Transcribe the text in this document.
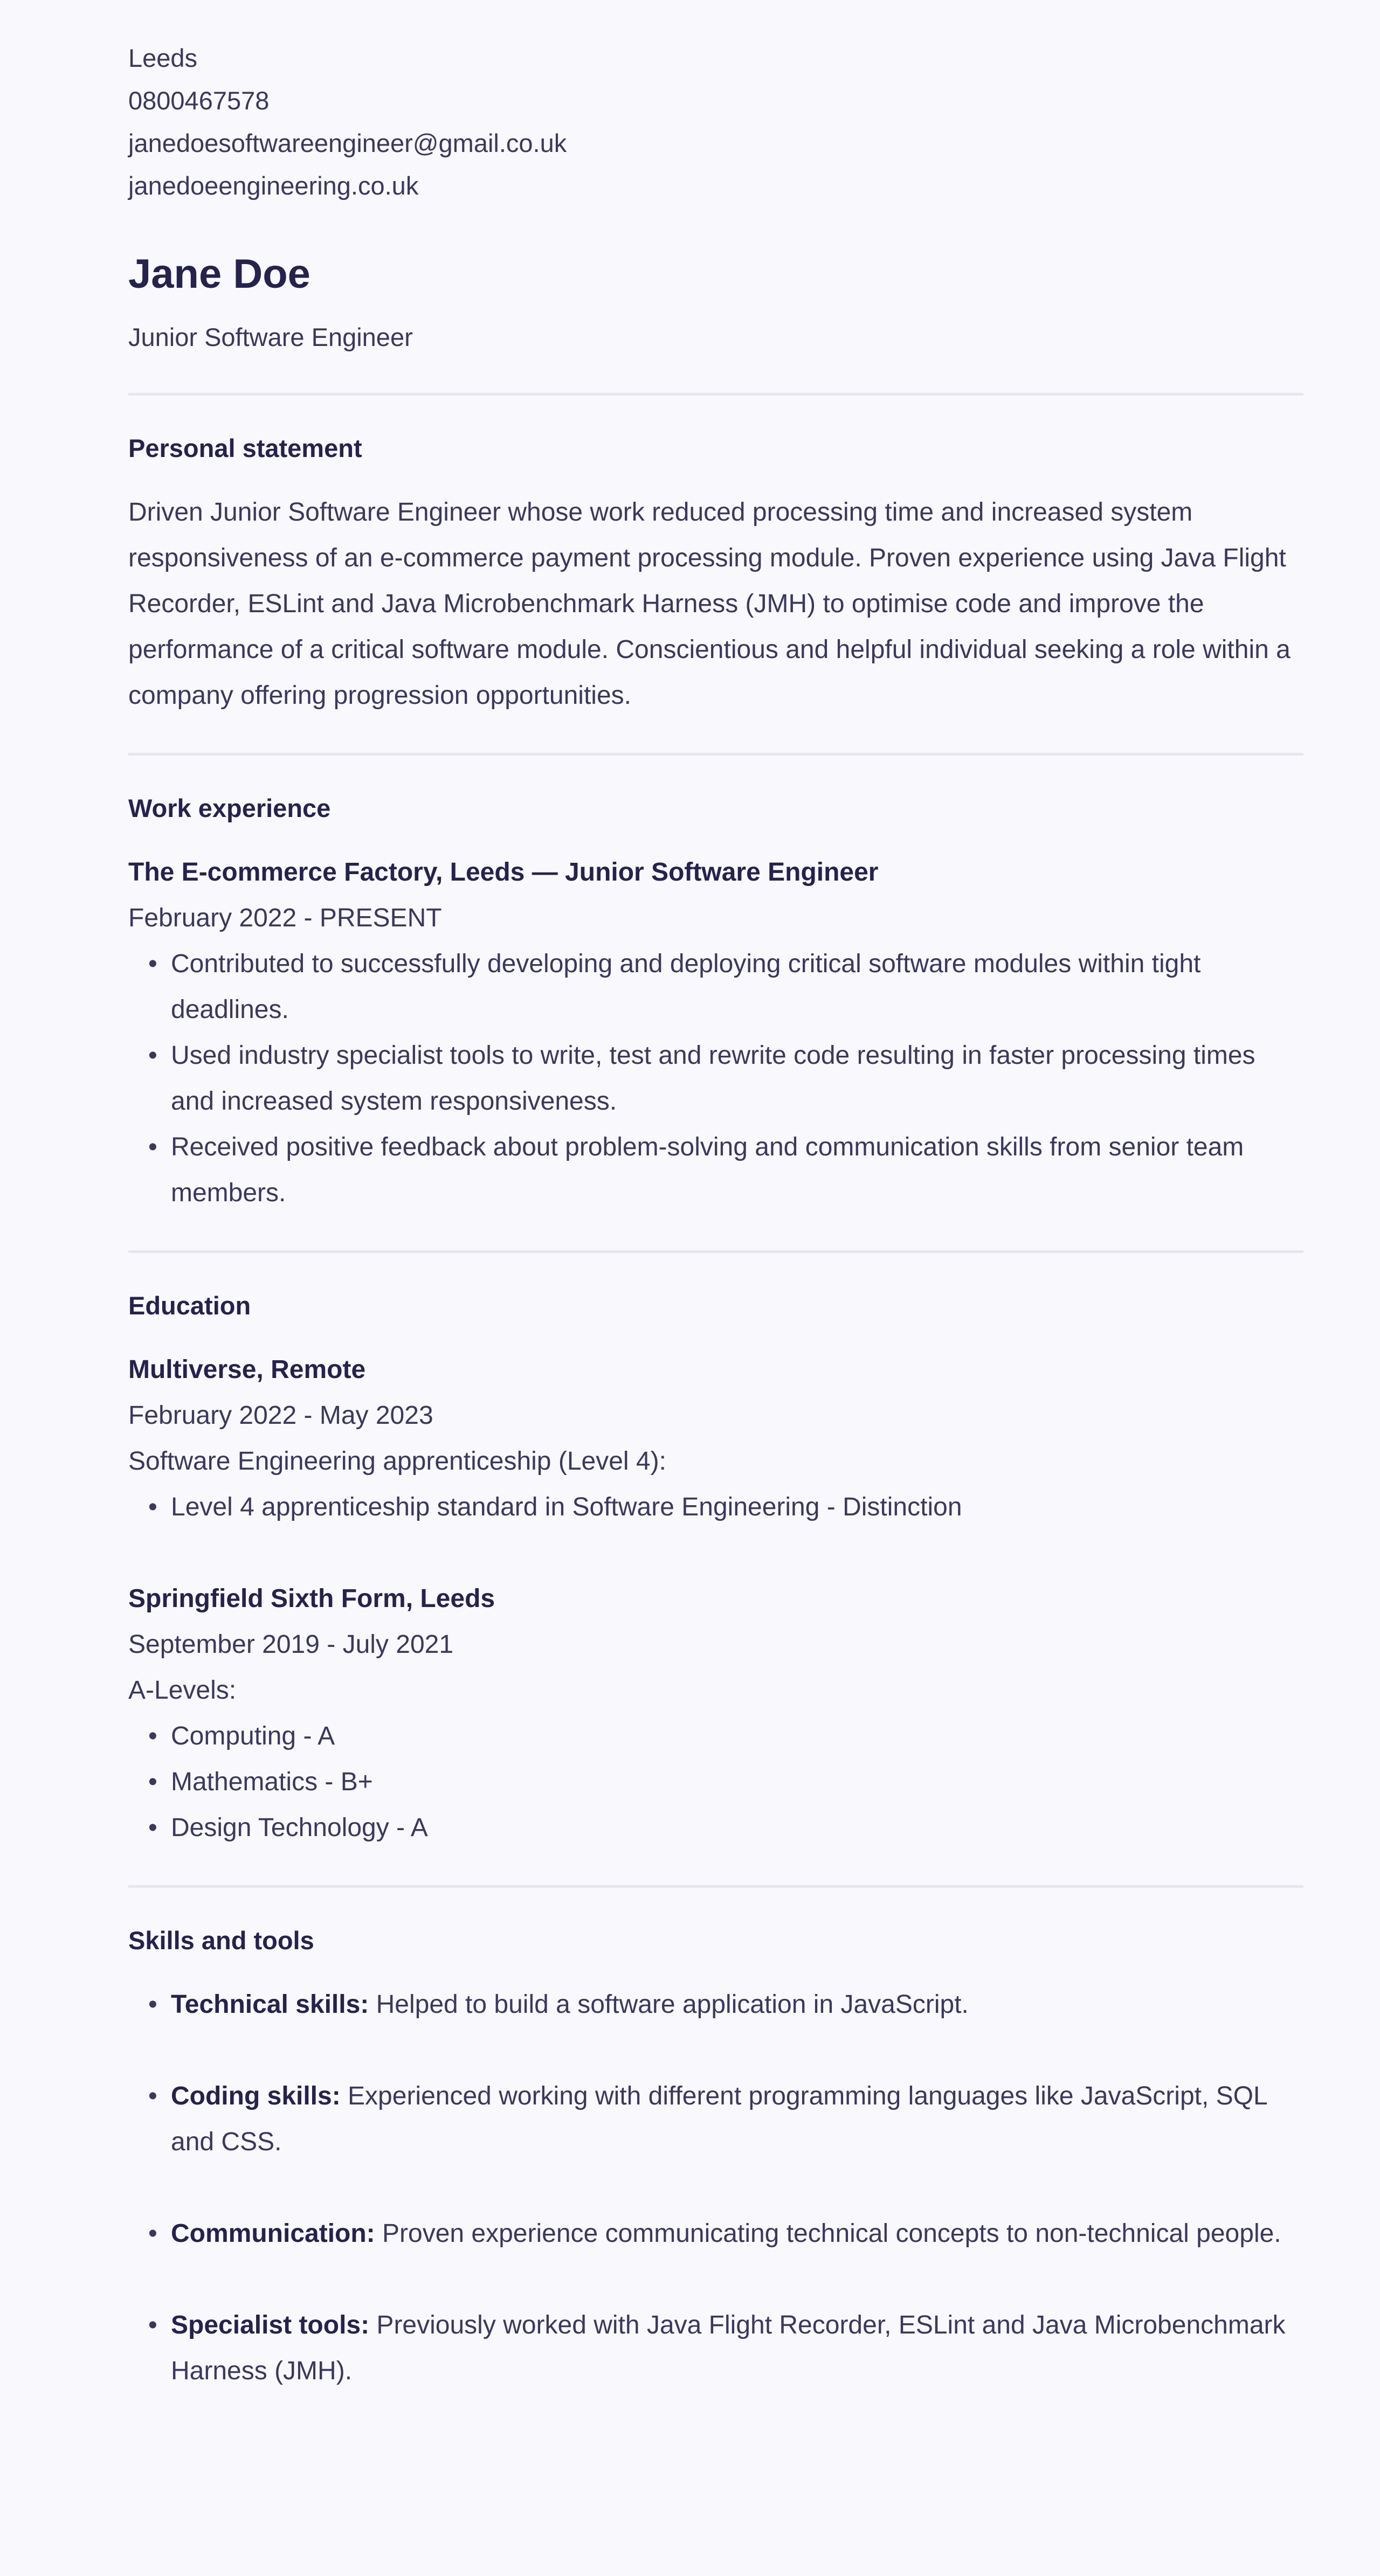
Leeds
0800467578
janedoesoftwareengineer@gmail.co.uk
janedoeengineering.co.uk
Jane Doe
Junior Software Engineer
Personal statement

Driven Junior Software Engineer whose work reduced processing time and increased system responsiveness of an e-commerce payment processing module. Proven experience using Java Flight Recorder, ESLint and Java Microbenchmark Harness (JMH) to optimise code and improve the performance of a critical software module. Conscientious and helpful individual seeking a role within a company offering progression opportunities.

Work experience
The E-commerce Factory, Leeds — Junior Software Engineer
February 2022 - PRESENT
• Contributed to successfully developing and deploying critical software modules within tight deadlines.
• Used industry specialist tools to write, test and rewrite code resulting in faster processing times and increased system responsiveness.
• Received positive feedback about problem-solving and communication skills from senior team members.
Education
Multiverse, Remote
February 2022 - May 2023
Software Engineering apprenticeship (Level 4):
• Level 4 apprenticeship standard in Software Engineering - Distinction
Springfield Sixth Form, Leeds
September 2019 - July 2021
A-Levels:
• Computing - A
• Mathematics - B+
• Design Technology - A
Skills and tools
• Technical skills: Helped to build a software application in JavaScript.
• Coding skills: Experienced working with different programming languages like JavaScript, SQL and CSS.
• Communication: Proven experience communicating technical concepts to non-technical people.
• Specialist tools: Previously worked with Java Flight Recorder, ESLint and Java Microbenchmark Harness (JMH).
